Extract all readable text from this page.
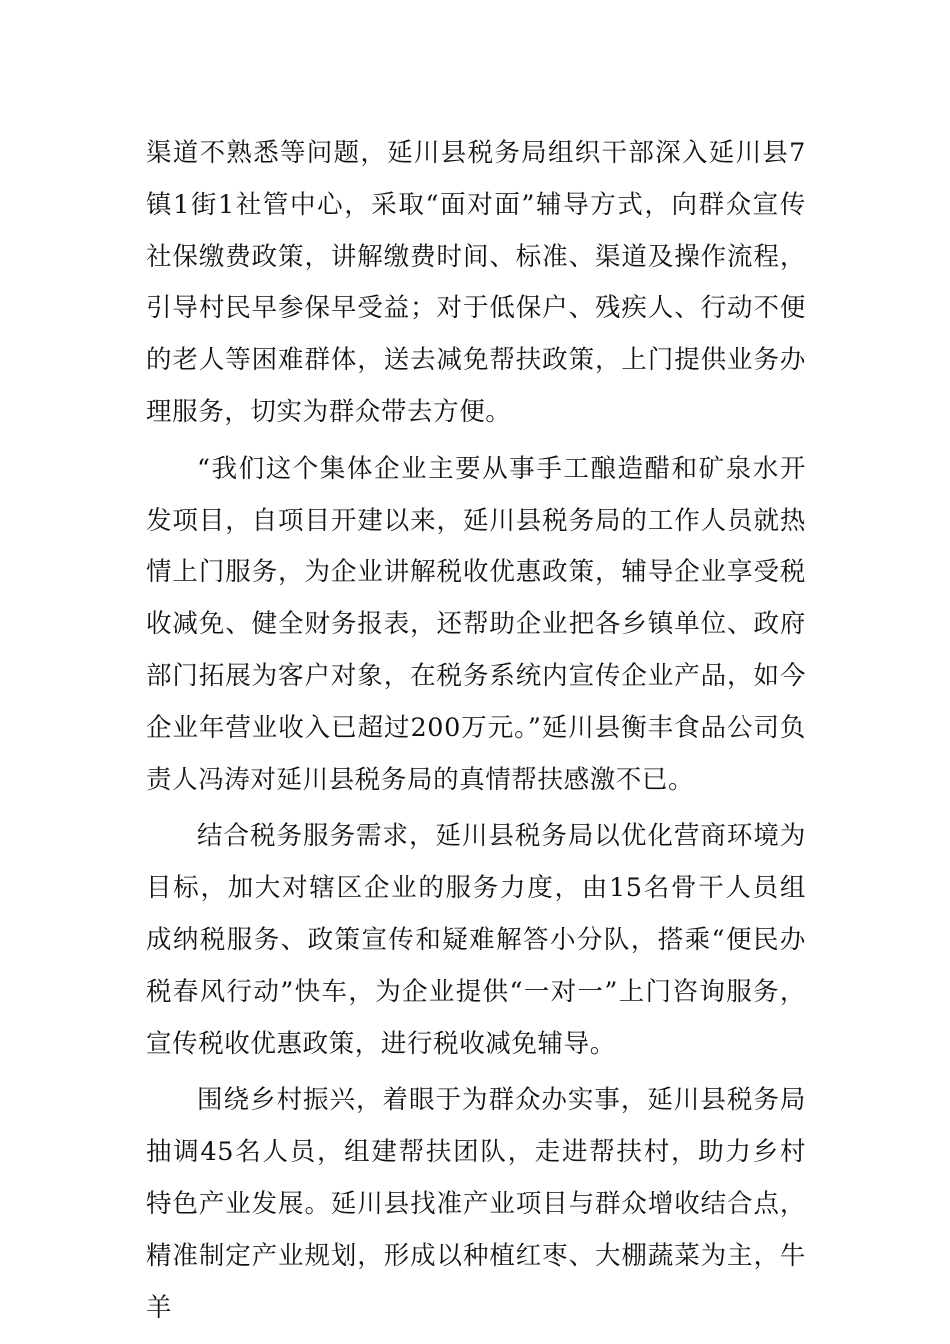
渠道不熟悉等问题，延川县税务局组织干部深入延川县7镇1街1社管中心，采取“面对面”辅导方式，向群众宣传社保缴费政策，讲解缴费时间、标准、渠道及操作流程，引导村民早参保早受益；对于低保户、残疾人、行动不便的老人等困难群体，送去减免帮扶政策，上门提供业务办理服务，切实为群众带去方便。

“我们这个集体企业主要从事手工酿造醋和矿泉水开发项目，自项目开建以来，延川县税务局的工作人员就热情上门服务，为企业讲解税收优惠政策，辅导企业享受税收减免、健全财务报表，还帮助企业把各乡镇单位、政府部门拓展为客户对象，在税务系统内宣传企业产品，如今企业年营业收入已超过200万元。”延川县衡丰食品公司负责人冯涛对延川县税务局的真情帮扶感激不已。

结合税务服务需求，延川县税务局以优化营商环境为目标，加大对辖区企业的服务力度，由15名骨干人员组成纳税服务、政策宣传和疑难解答小分队，搭乘“便民办税春风行动”快车，为企业提供“一对一”上门咨询服务，宣传税收优惠政策，进行税收减免辅导。

围绕乡村振兴，着眼于为群众办实事，延川县税务局抽调45名人员，组建帮扶团队，走进帮扶村，助力乡村特色产业发展。延川县找准产业项目与群众增收结合点，精准制定产业规划，形成以种植红枣、大棚蔬菜为主，牛羊
